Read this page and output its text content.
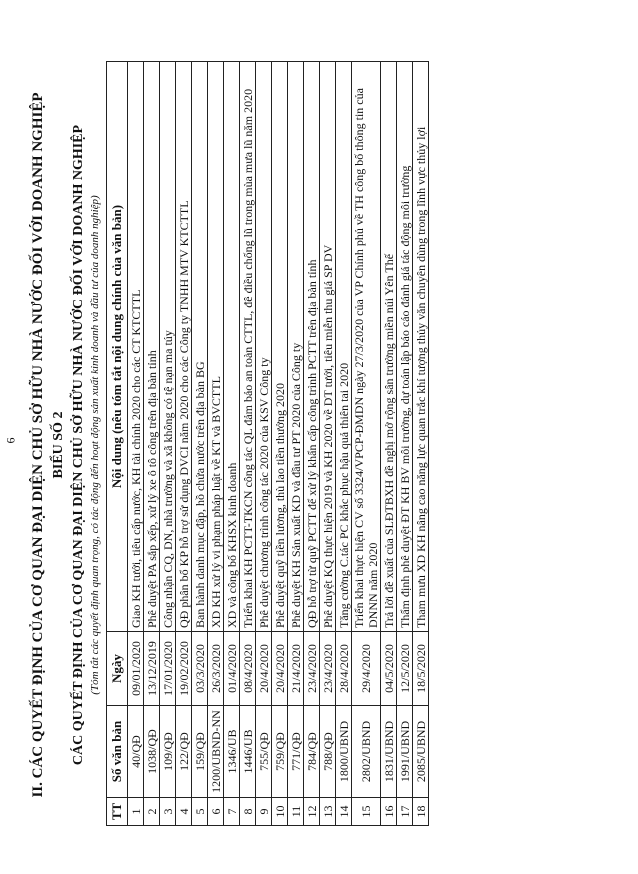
6 II. CÁC QUYẾT ĐỊNH CỦA CƠ QUAN ĐẠI DIỆN CHỦ SỞ HỮU NHÀ NƯỚC ĐỐI VỚI DOANH NGHIỆP BIỂU SỐ 2 CÁC QUYẾT ĐỊNH CỦA CƠ QUAN ĐẠI DIỆN CHỦ SỞ HỮU NHÀ NƯỚC ĐỐI VỚI DOANH NGHIỆP (Tóm tắt các quyết định quan trọng, có tác động đến hoạt động sản xuất kinh doanh và đầu tư của doanh nghiệp)
TT	Số văn bản	Ngày	Nội dung (nêu tóm tắt nội dung chính của văn bản)
1	40/QĐ	09/01/2020	Giao KH tưới, tiêu cấp nước, KH tài chính 2020 cho các CT KTCTTL
2	1038/QĐ	13/12/2019	Phê duyệt PA sắp xếp, xử lý xe ô tô công trên địa bàn tỉnh
3	109/QĐ	17/01/2020	Công nhận CQ, DN, nhà trường và xã không có tệ nạn ma túy
4	122/QĐ	19/02/2020	QĐ phân bổ KP hỗ trợ sử dụng DVCI năm 2020 cho các Công ty TNHH MTV KTCTTL
5	159/QĐ	03/3/2020	Ban hành danh mục đập, hồ chứa nước trên địa bàn BG
6	1200/UBND-NN	26/3/2020	XD KH xử lý vi phạm pháp luật về KT và BVCTTL
7	1346/UB	01/4/2020	XD và công bố KHSX kinh doanh
8	1446/UB	08/4/2020	Triển khai KH PCTT-TKCN công tác QL đảm bảo an toàn CTTL, đê điều chống lũ trong mùa mưa lũ năm 2020
9	755/QĐ	20/4/2020	Phê duyệt chương trình công tác 2020 của KSV Công ty
10	759/QĐ	20/4/2020	Phê duyệt quỹ tiền lương, thù lao tiền thưởng 2020
11	771/QĐ	21/4/2020	Phê duyệt KH Sản xuất KD và đầu tư PT 2020 của Công ty
12	784/QĐ	23/4/2020	QĐ hỗ trợ từ quỹ PCTT để xử lý khẩn cấp công trình PCTT trên địa bàn tỉnh
13	788/QĐ	23/4/2020	Phê duyệt KQ thực hiện 2019 và KH 2020 về DT tưới, tiêu miễn thu giá SP DV
14	1800/UBND	28/4/2020	Tăng cường C.tác PC khắc phục hậu quả thiên tai 2020
15	2802/UBND	29/4/2020	Triển khai thực hiện CV số 3324/VPCP-ĐMDN ngày 27/3/2020 của VP Chính phủ về TH công bố thông tin của DNNN năm 2020
16	1831/UBND	04/5/2020	Trả lời đề xuất của SLĐTBXH đề nghị mở rộng sân trường miền núi Yên Thế
17	1991/UBND	12/5/2020	Thẩm định phê duyệt ĐT KH BV môi trường, dự toán lập báo cáo đánh giá tác động môi trường
18	2085/UBND	18/5/2020	Tham mưu XD KH nâng cao năng lực quan trắc khí tượng thủy văn chuyên dùng trong lĩnh vực thủy lợi
